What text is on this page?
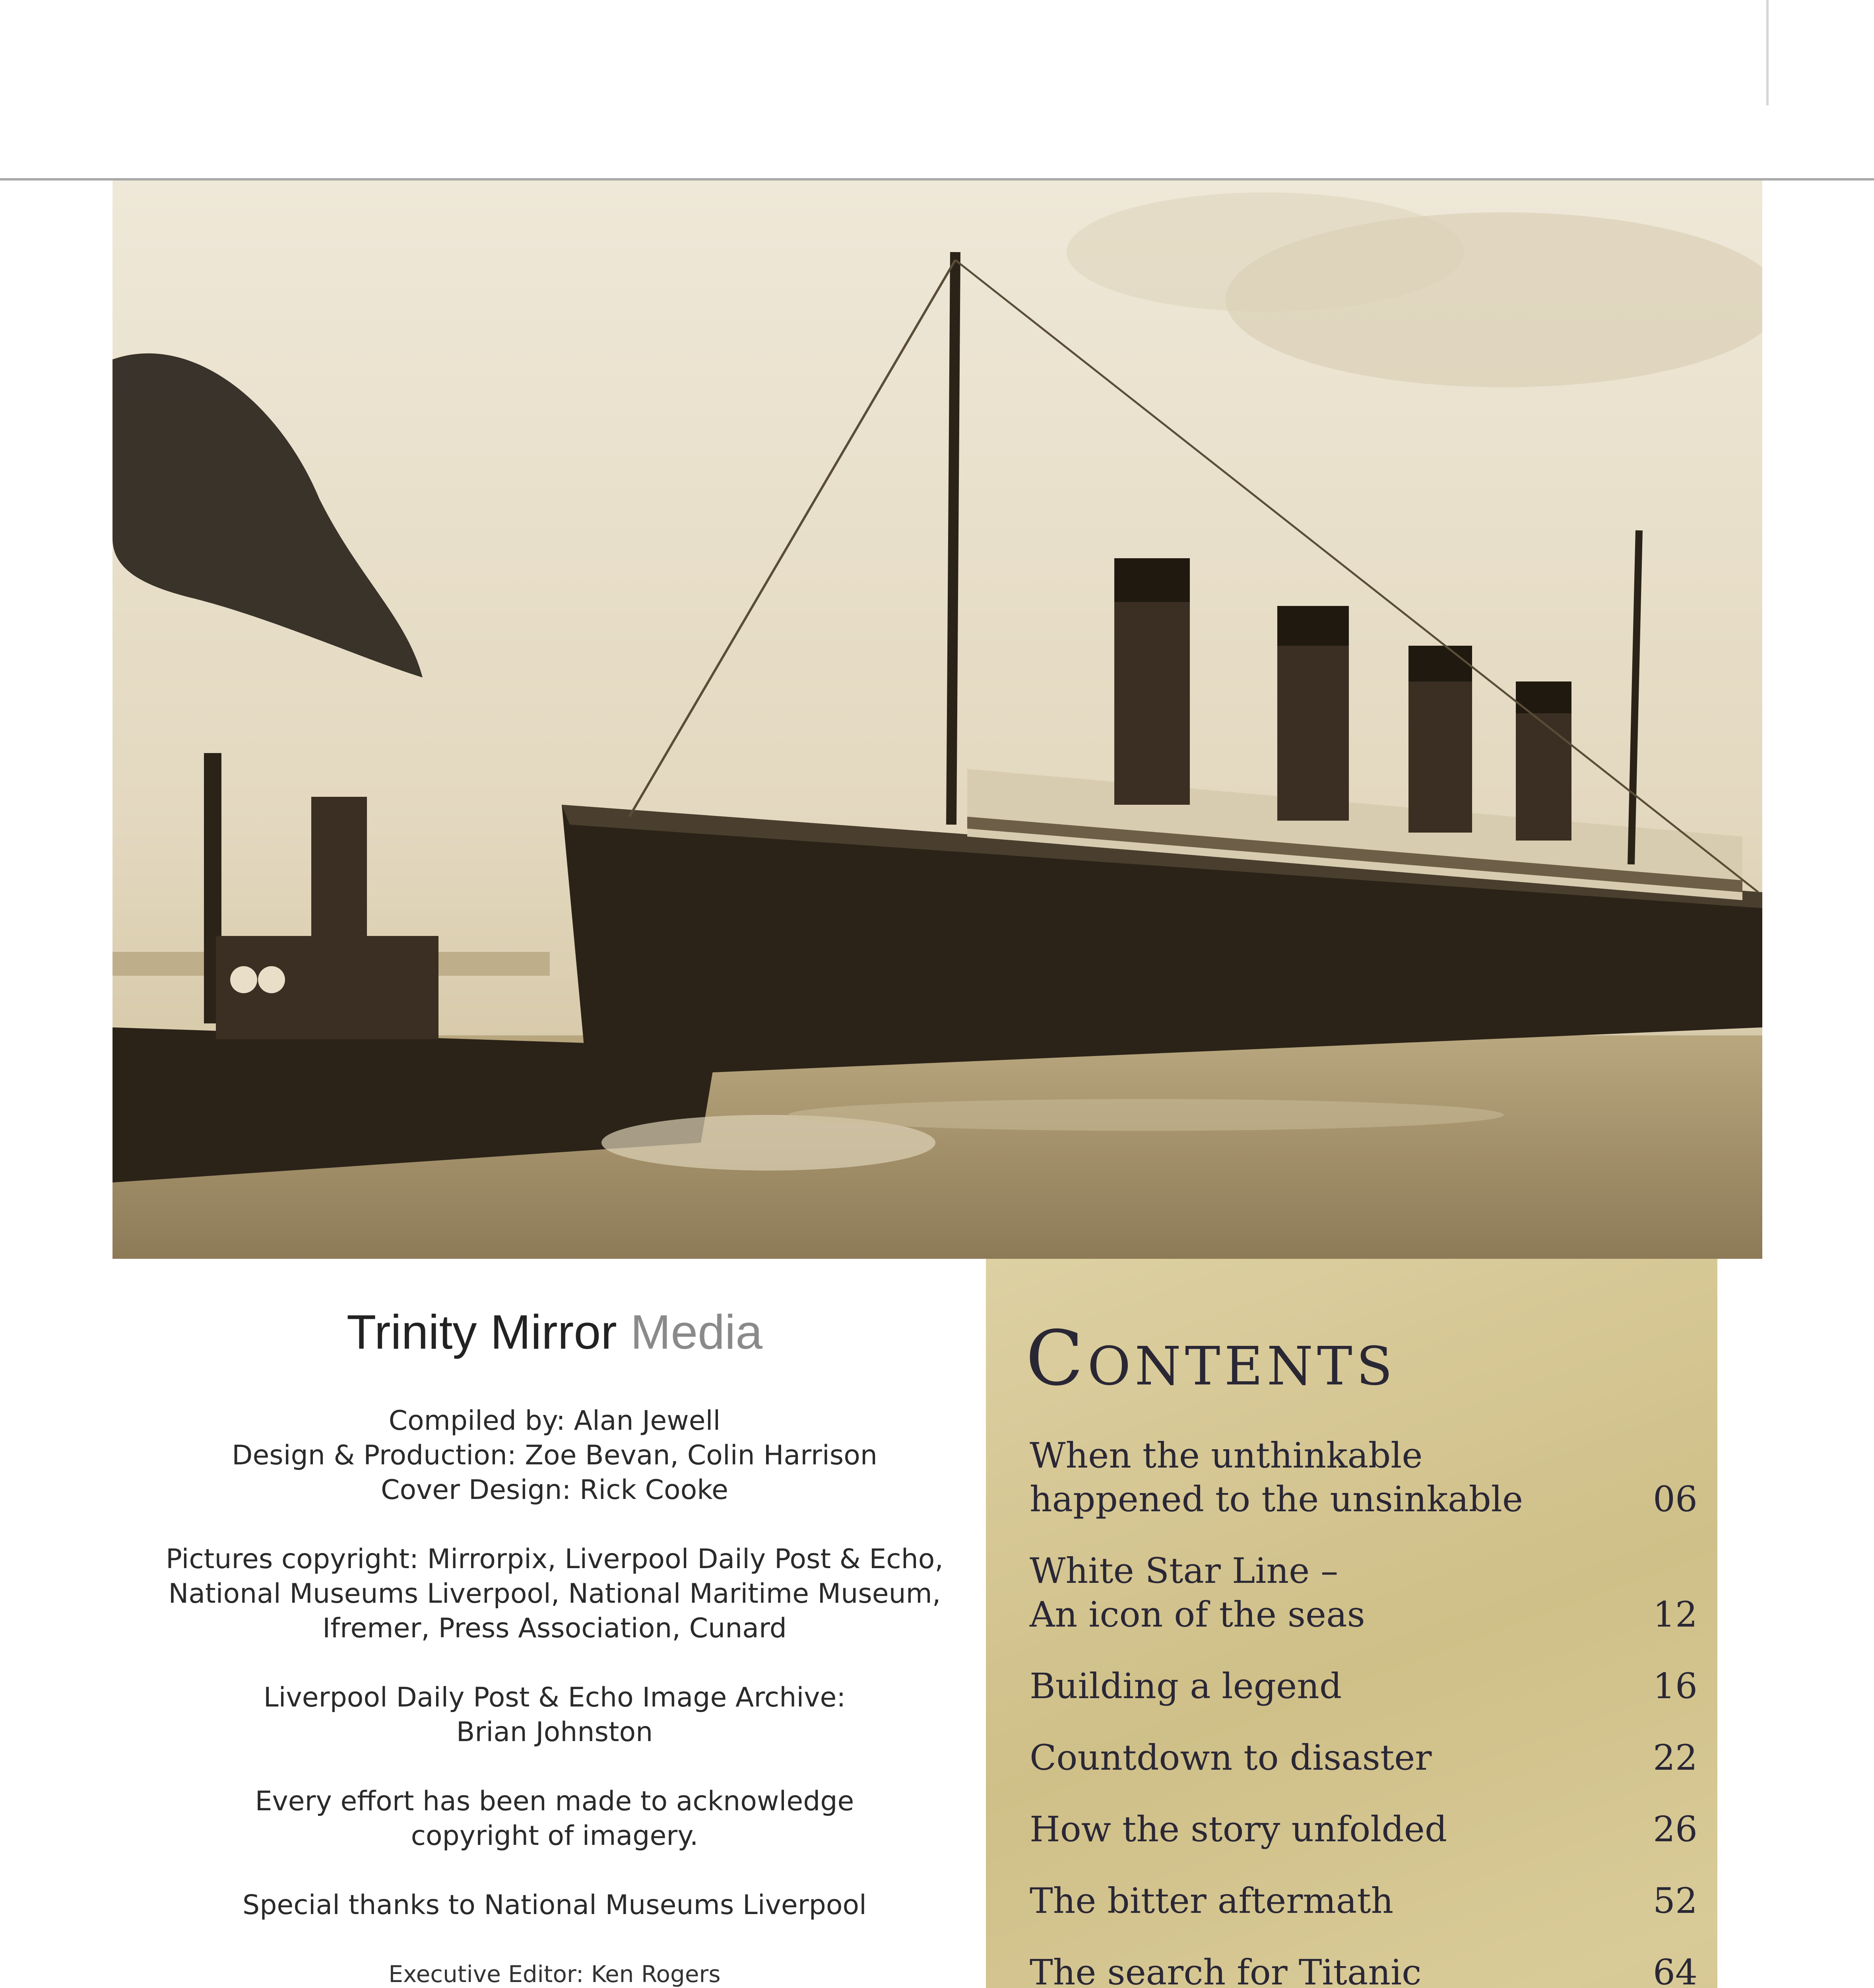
Trinity Mirror Media
Compiled by: Alan Jewell
Design & Production: Zoe Bevan, Colin Harrison
Cover Design: Rick Cooke
Pictures copyright: Mirrorpix, Liverpool Daily Post & Echo,
National Museums Liverpool, National Maritime Museum,
Ifremer, Press Association, Cunard
Liverpool Daily Post & Echo Image Archive:
Brian Johnston
Every effort has been made to acknowledge
copyright of imagery.
Special thanks to National Museums Liverpool
Executive Editor: Ken Rogers
Contents
When the unthinkable
happened to the unsinkable	06
White Star Line –
An icon of the seas	12
Building a legend	16
Countdown to disaster	22
How the story unfolded	26
The bitter aftermath	52
The search for Titanic	64
